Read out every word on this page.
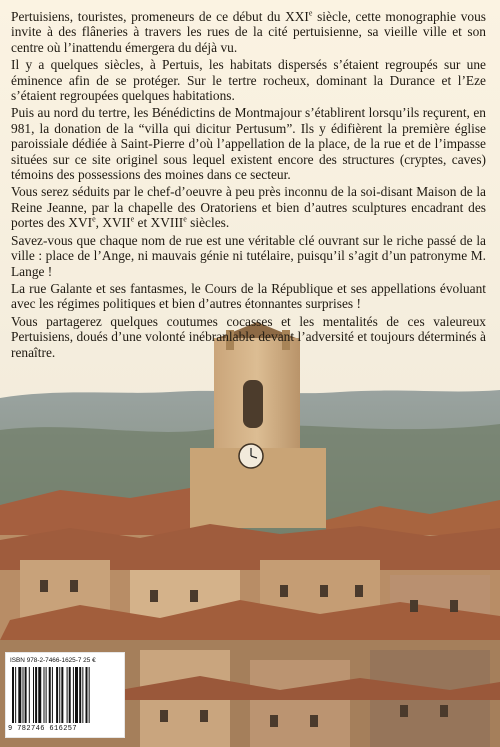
Pertuisiens, touristes, promeneurs de ce début du XXIe siècle, cette monographie vous invite à des flâneries à travers les rues de la cité pertuisienne, sa vieille ville et son centre où l’inattendu émergera du déjà vu.

Il y a quelques siècles, à Pertuis, les habitats dispersés s’étaient regroupés sur une éminence afin de se protéger. Sur le tertre rocheux, dominant la Durance et l’Eze s’étaient regroupées quelques habitations.

Puis au nord du tertre, les Bénédictins de Montmajour s’établirent lorsqu’ils reçurent, en 981, la donation de la “villa qui dicitur Pertusum”. Ils y édifièrent la première église paroissiale dédiée à Saint-Pierre d’où l’appellation de la place, de la rue et de l’impasse situées sur ce site originel sous lequel existent encore des structures (cryptes, caves) témoins des possessions des moines dans ce secteur.

Vous serez séduits par le chef-d’oeuvre à peu près inconnu de la soi-disant Maison de la Reine Jeanne, par la chapelle des Oratoriens et bien d’autres sculptures encadrant des portes des XVIe, XVIIe et XVIIIe siècles.

Savez-vous que chaque nom de rue est une véritable clé ouvrant sur le riche passé de la ville : place de l’Ange, ni mauvais génie ni tutélaire, puisqu’il s’agit d’un patronyme M. Lange !

La rue Galante et ses fantasmes, le Cours de la République et ses appellations évoluant avec les régimes politiques et bien d’autres étonnantes surprises !

Vous partagerez quelques coutumes cocasses et les mentalités de ces valeureux Pertuisiens, doués d’une volonté inébranlable devant l’adversité et toujours déterminés à renaître.

ISBN 978-2-7466-1625-7 25 €
9 782746 616257
